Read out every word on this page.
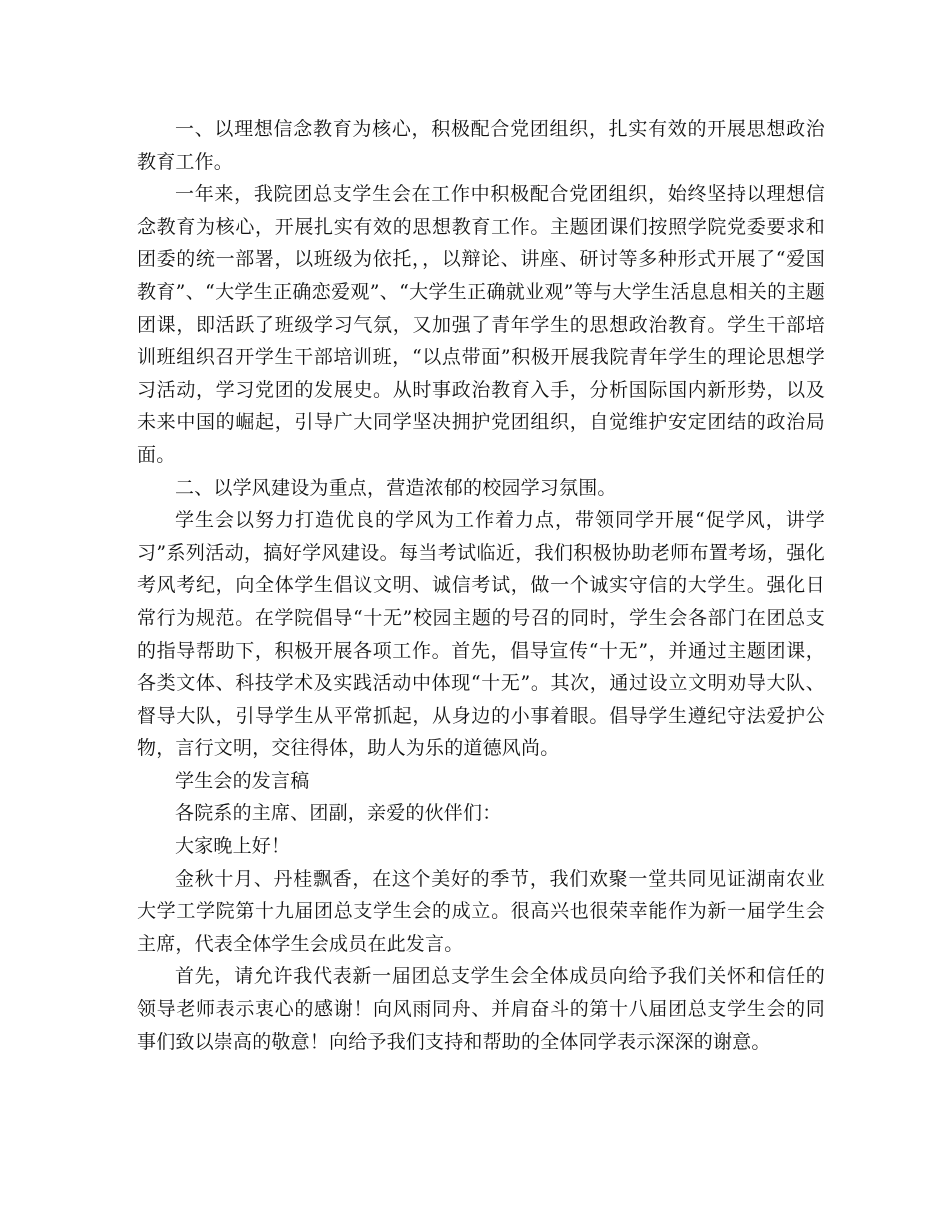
一、以理想信念教育为核心，积极配合党团组织，扎实有效的开展思想政治教育工作。

一年来，我院团总支学生会在工作中积极配合党团组织，始终坚持以理想信念教育为核心，开展扎实有效的思想教育工作。主题团课们按照学院党委要求和团委的统一部署，以班级为依托，，以辩论、讲座、研讨等多种形式开展了“爱国教育”、“大学生正确恋爱观”、“大学生正确就业观”等与大学生活息息相关的主题团课，即活跃了班级学习气氛，又加强了青年学生的思想政治教育。学生干部培训班组织召开学生干部培训班，“以点带面”积极开展我院青年学生的理论思想学习活动，学习党团的发展史。从时事政治教育入手，分析国际国内新形势，以及未来中国的崛起，引导广大同学坚决拥护党团组织，自觉维护安定团结的政治局面。

二、以学风建设为重点，营造浓郁的校园学习氛围。

学生会以努力打造优良的学风为工作着力点，带领同学开展“促学风，讲学习”系列活动，搞好学风建设。每当考试临近，我们积极协助老师布置考场，强化考风考纪，向全体学生倡议文明、诚信考试，做一个诚实守信的大学生。强化日常行为规范。在学院倡导“十无”校园主题的号召的同时，学生会各部门在团总支的指导帮助下，积极开展各项工作。首先，倡导宣传“十无”，并通过主题团课，各类文体、科技学术及实践活动中体现“十无”。其次，通过设立文明劝导大队、督导大队，引导学生从平常抓起，从身边的小事着眼。倡导学生遵纪守法爱护公物，言行文明，交往得体，助人为乐的道德风尚。

学生会的发言稿

各院系的主席、团副，亲爱的伙伴们：

大家晚上好！

金秋十月、丹桂飘香，在这个美好的季节，我们欢聚一堂共同见证湖南农业大学工学院第十九届团总支学生会的成立。很高兴也很荣幸能作为新一届学生会主席，代表全体学生会成员在此发言。

首先，请允许我代表新一届团总支学生会全体成员向给予我们关怀和信任的领导老师表示衷心的感谢！向风雨同舟、并肩奋斗的第十八届团总支学生会的同事们致以崇高的敬意！向给予我们支持和帮助的全体同学表示深深的谢意。
